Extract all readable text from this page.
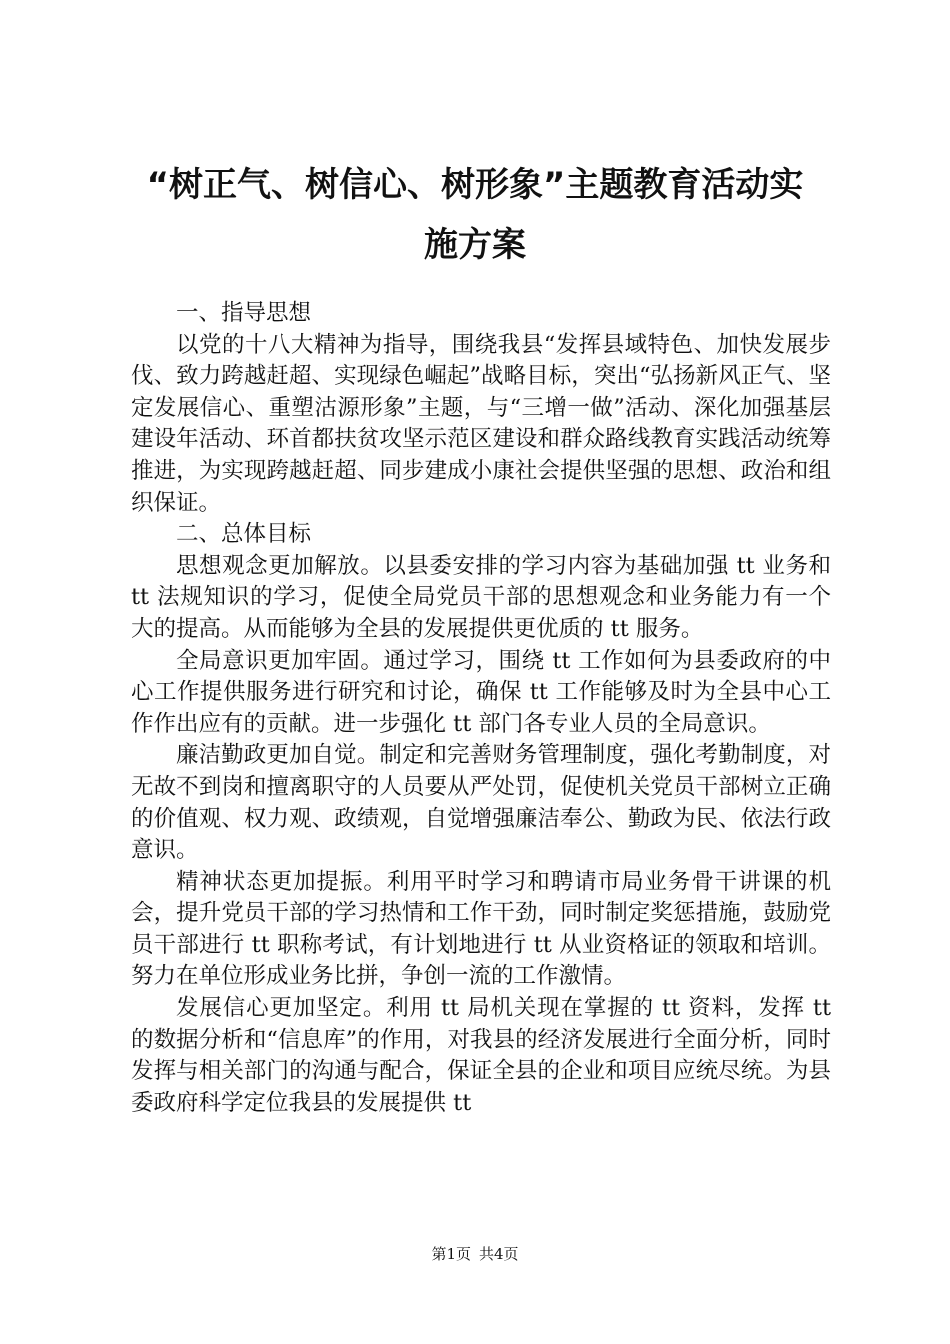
“树正气、树信心、树形象”主题教育活动实
施方案

一、指导思想

以党的十八大精神为指导，围绕我县“发挥县域特色、加快发展步伐、致力跨越赶超、实现绿色崛起”战略目标，突出“弘扬新风正气、坚定发展信心、重塑沽源形象”主题，与“三增一做”活动、深化加强基层建设年活动、环首都扶贫攻坚示范区建设和群众路线教育实践活动统筹推进，为实现跨越赶超、同步建成小康社会提供坚强的思想、政治和组织保证。

二、总体目标

思想观念更加解放。以县委安排的学习内容为基础加强 tt 业务和 tt 法规知识的学习，促使全局党员干部的思想观念和业务能力有一个大的提高。从而能够为全县的发展提供更优质的 tt 服务。

全局意识更加牢固。通过学习，围绕 tt 工作如何为县委政府的中心工作提供服务进行研究和讨论，确保 tt 工作能够及时为全县中心工作作出应有的贡献。进一步强化 tt 部门各专业人员的全局意识。

廉洁勤政更加自觉。制定和完善财务管理制度，强化考勤制度，对无故不到岗和擅离职守的人员要从严处罚，促使机关党员干部树立正确的价值观、权力观、政绩观，自觉增强廉洁奉公、勤政为民、依法行政意识。

精神状态更加提振。利用平时学习和聘请市局业务骨干讲课的机会，提升党员干部的学习热情和工作干劲，同时制定奖惩措施，鼓励党员干部进行 tt 职称考试，有计划地进行 tt 从业资格证的领取和培训。努力在单位形成业务比拼，争创一流的工作激情。

发展信心更加坚定。利用 tt 局机关现在掌握的 tt 资料，发挥 tt 的数据分析和“信息库”的作用，对我县的经济发展进行全面分析，同时发挥与相关部门的沟通与配合，保证全县的企业和项目应统尽统。为县委政府科学定位我县的发展提供 tt

第1页 共4页
